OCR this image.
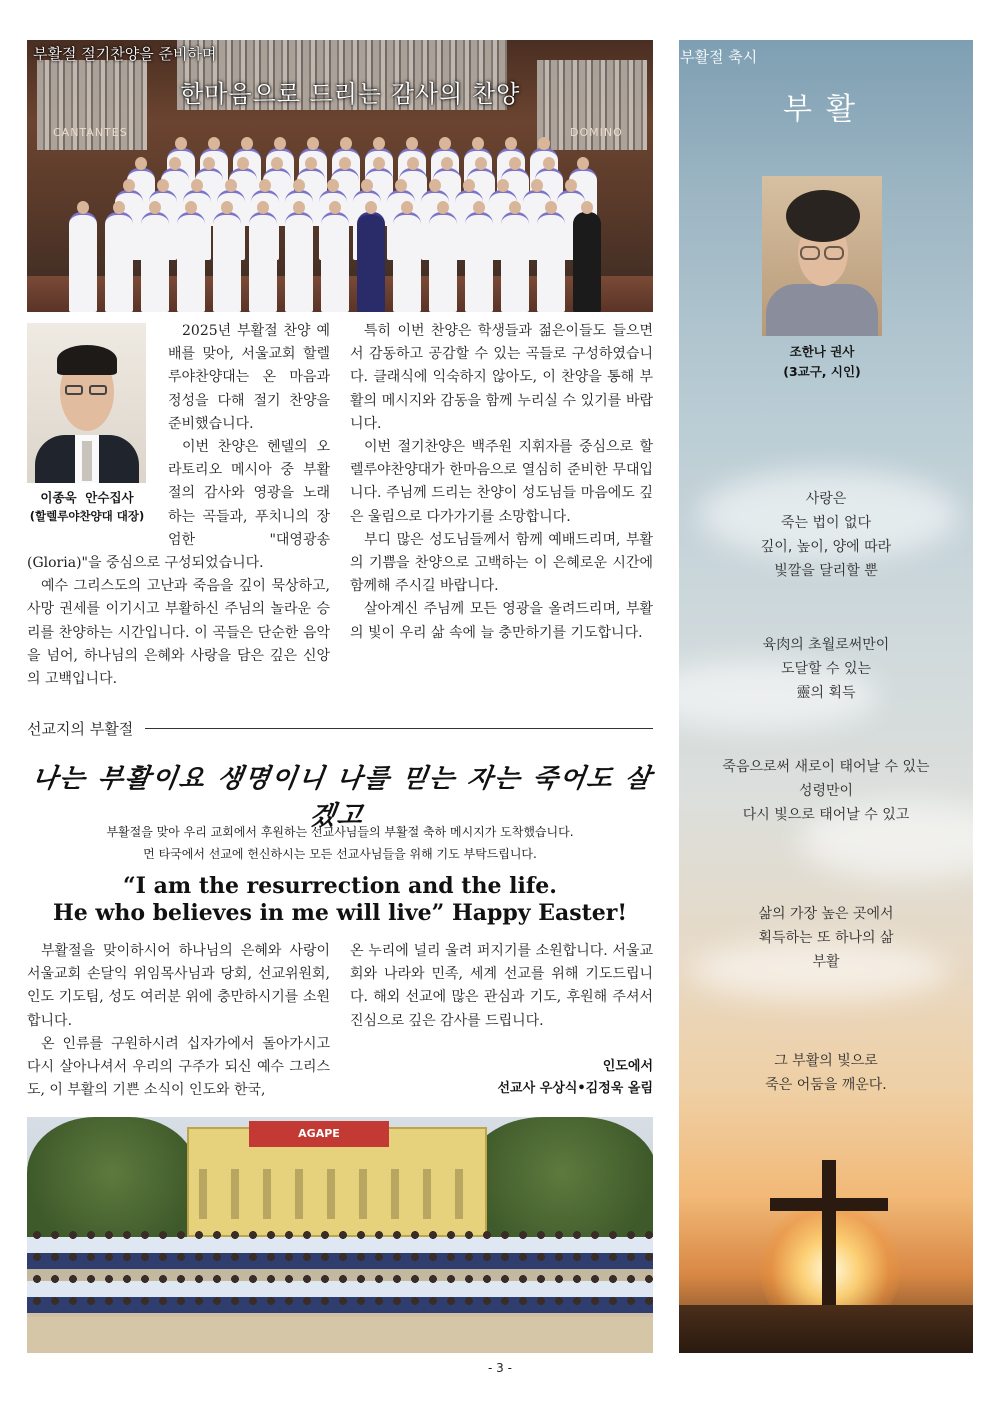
CANTANTES	DOMINO
부활절 절기찬양을 준비하며
한마음으로 드리는 감사의 찬양
이종욱  안수집사
(할렐루야찬양대 대장)

2025년 부활절 찬양 예배를 맞아, 서울교회 할렐루야찬양대는 온 마음과 정성을 다해 절기 찬양을 준비했습니다.

이번 찬양은 헨델의 오라토리오 메시아 중 부활절의 감사와 영광을 노래하는 곡들과, 푸치니의 장엄한 "대영광송(Gloria)"을 중심으로 구성되었습니다.

예수 그리스도의 고난과 죽음을 깊이 묵상하고, 사망 권세를 이기시고 부활하신 주님의 놀라운 승리를 찬양하는 시간입니다. 이 곡들은 단순한 음악을 넘어, 하나님의 은혜와 사랑을 담은 깊은 신앙의 고백입니다.

특히 이번 찬양은 학생들과 젊은이들도 들으면서 감동하고 공감할 수 있는 곡들로 구성하였습니다. 클래식에 익숙하지 않아도, 이 찬양을 통해 부활의 메시지와 감동을 함께 누리실 수 있기를 바랍니다.

이번 절기찬양은 백주원 지휘자를 중심으로 할렐루야찬양대가 한마음으로 열심히 준비한 무대입니다. 주님께 드리는 찬양이 성도님들 마음에도 깊은 울림으로 다가가기를 소망합니다.

부디 많은 성도님들께서 함께 예배드리며, 부활의 기쁨을 찬양으로 고백하는 이 은혜로운 시간에 함께해 주시길 바랍니다.

살아계신 주님께 모든 영광을 올려드리며, 부활의 빛이 우리 삶 속에 늘 충만하기를 기도합니다.

선교지의 부활절
나는 부활이요 생명이니 나를 믿는 자는 죽어도 살겠고
부활절을 맞아 우리 교회에서 후원하는 선교사님들의 부활절 축하 메시지가 도착했습니다.
먼 타국에서 선교에 헌신하시는 모든 선교사님들을 위해 기도 부탁드립니다.
“I am the resurrection and the life.
He who believes in me will live” Happy Easter!

부활절을 맞이하시어 하나님의 은혜와 사랑이 서울교회 손달익 위임목사님과 당회, 선교위원회, 인도 기도팀, 성도 여러분 위에 충만하시기를 소원합니다.

온 인류를 구원하시려 십자가에서 돌아가시고 다시 살아나셔서 우리의 구주가 되신 예수 그리스도, 이 부활의 기쁜 소식이 인도와 한국,

온 누리에 널리 울려 퍼지기를 소원합니다. 서울교회와 나라와 민족, 세계 선교를 위해 기도드립니다. 해외 선교에 많은 관심과 기도, 후원해 주셔서 진심으로 깊은 감사를 드립니다.

인도에서
선교사 우상식•김정욱 올림
AGAPE
- 3 -
부활절 축시
부활
조한나 권사
(3교구, 시인)
사랑은
죽는 법이 없다
깊이, 높이, 양에 따라
빛깔을 달리할 뿐
육肉의 초월로써만이
도달할 수 있는
靈의 획득
죽음으로써 새로이 태어날 수 있는
성령만이
다시 빛으로 태어날 수 있고
삶의 가장 높은 곳에서
획득하는 또 하나의 삶
부활
그 부활의 빛으로
죽은 어둠을 깨운다.
